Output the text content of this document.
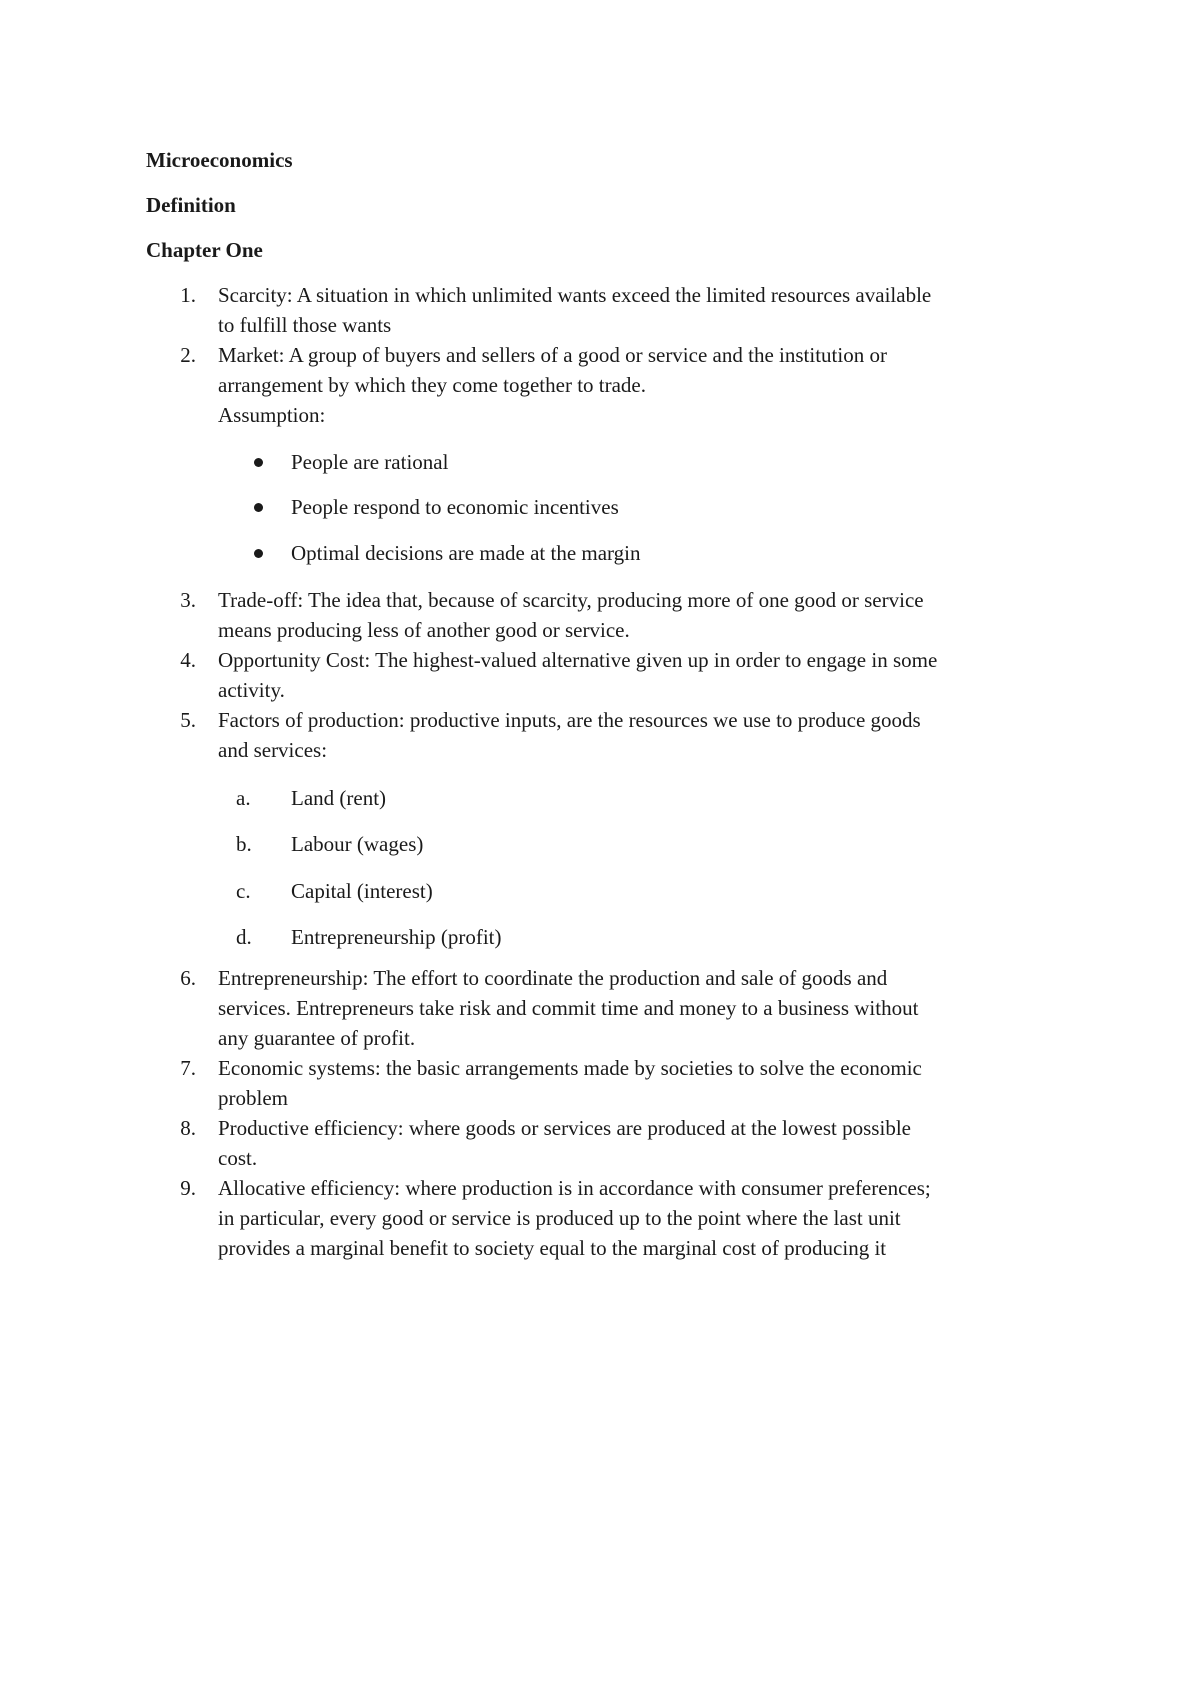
Microeconomics
Definition
Chapter One
1. Scarcity: A situation in which unlimited wants exceed the limited resources available
to fulfill those wants
2. Market: A group of buyers and sellers of a good or service and the institution or
arrangement by which they come together to trade.
Assumption:
3. Trade-off: The idea that, because of scarcity, producing more of one good or service
means producing less of another good or service.
4. Opportunity Cost: The highest-valued alternative given up in order to engage in some
activity.
5. Factors of production: productive inputs, are the resources we use to produce goods
and services:
6. Entrepreneurship: The effort to coordinate the production and sale of goods and
services. Entrepreneurs take risk and commit time and money to a business without
any guarantee of profit.
7. Economic systems: the basic arrangements made by societies to solve the economic
problem
8. Productive efficiency: where goods or services are produced at the lowest possible
cost.
9. Allocative efficiency: where production is in accordance with consumer preferences;
in particular, every good or service is produced up to the point where the last unit
provides a marginal benefit to society equal to the marginal cost of producing it
People are rational
People respond to economic incentives
Optimal decisions are made at the margin
a.	Land (rent)
b.	Labour (wages)
c.	Capital (interest)
d.	Entrepreneurship (profit)
